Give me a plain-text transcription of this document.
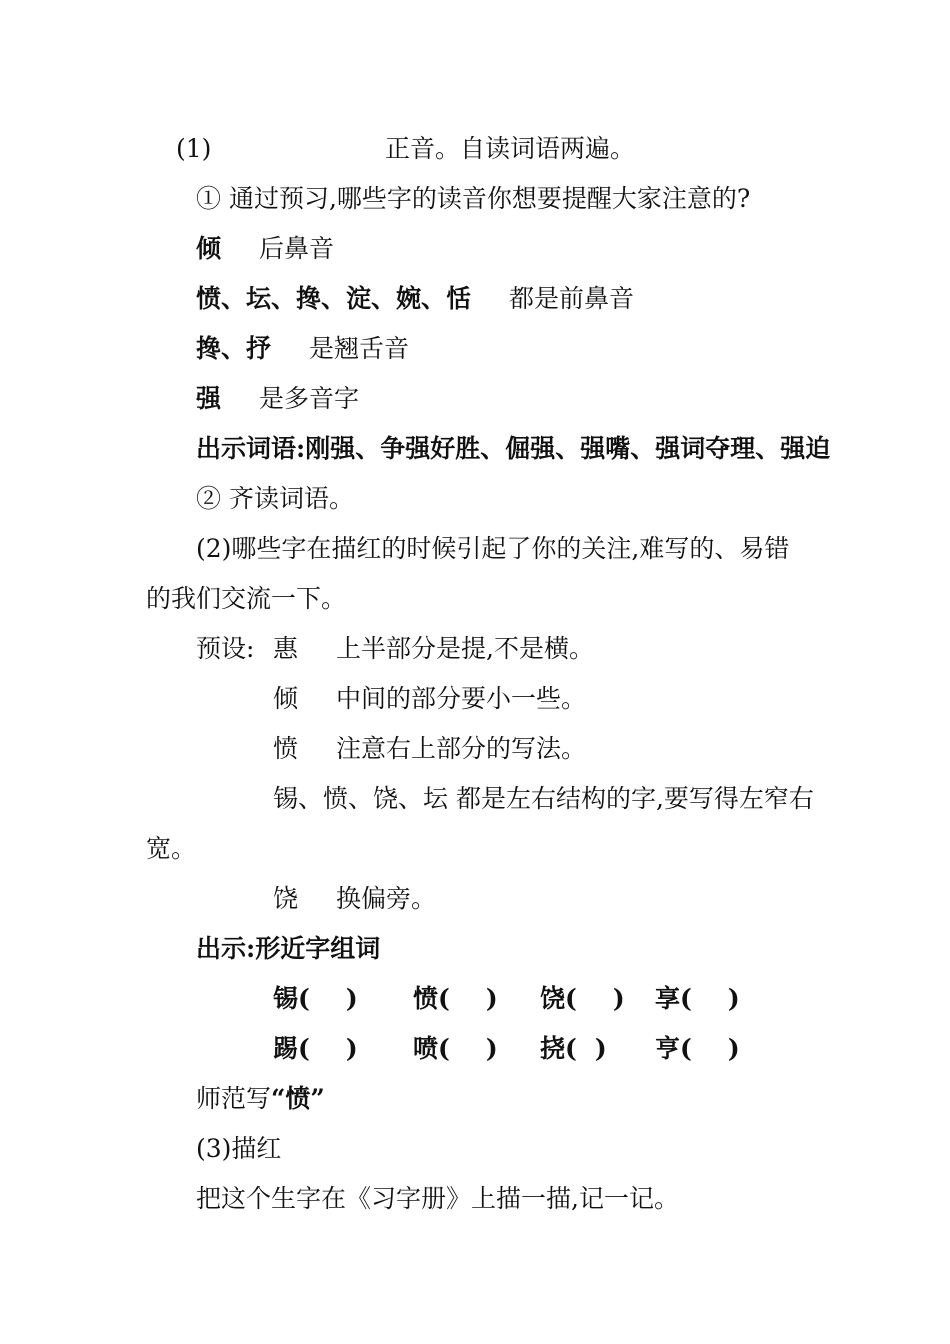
(1)	正音。自读词语两遍。
① 通过预习,哪些字的读音你想要提醒大家注意的?
倾 后鼻音
愤、坛、搀、淀、婉、恬 都是前鼻音
搀、抒 是翘舌音
强 是多音字
出示词语:刚强、争强好胜、倔强、强嘴、强词夺理、强迫
② 齐读词语。
(2)哪些字在描红的时候引起了你的关注,难写的、易错
的我们交流一下。
预设: 惠 上半部分是提,不是横。
倾 中间的部分要小一些。
愤 注意右上部分的写法。
锡、愤、饶、坛 都是左右结构的字,要写得左窄右
宽。
饶 换偏旁。
出示:形近字组词
锡( ) 愤( ) 饶( ) 享( )
踢( ) 喷( ) 挠( ) 亨( )
师范写“愤”
(3)描红
把这个生字在《习字册》上描一描,记一记。
